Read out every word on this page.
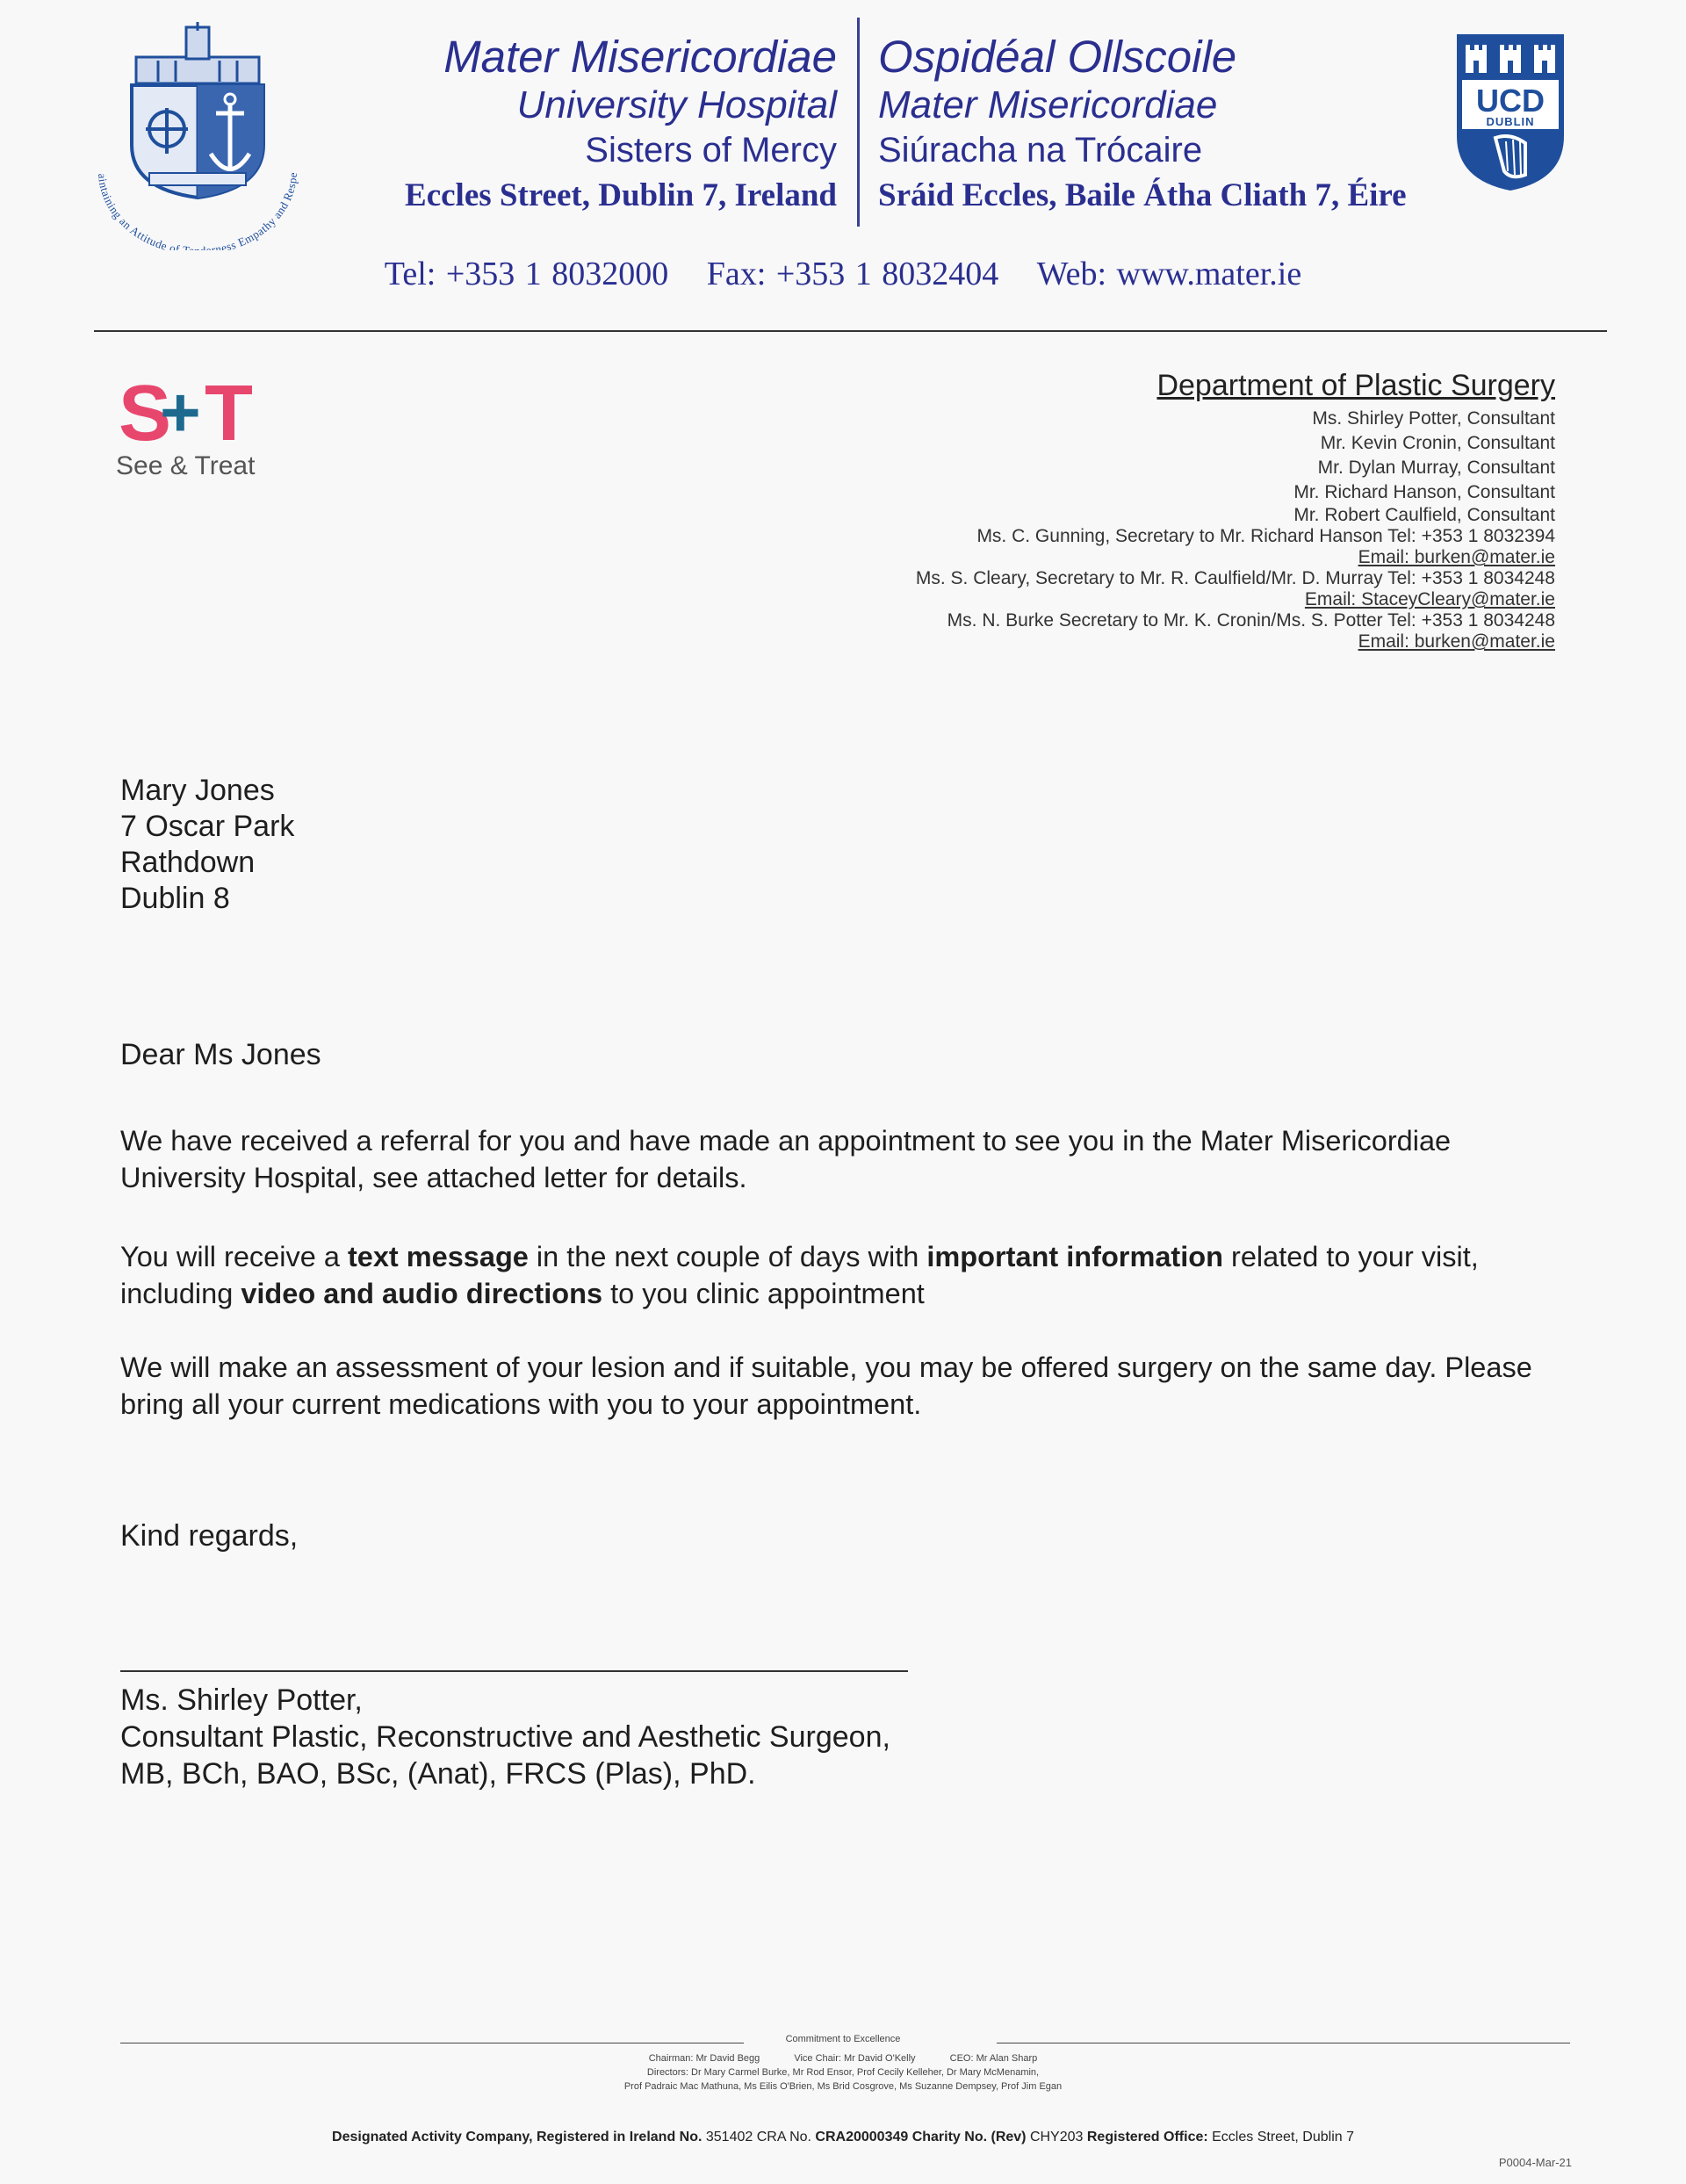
aintaining an Attitude of T erness Empathy and Respe
Mater Misericordiae
University Hospital
Sisters of Mercy
Eccles Street, Dublin 7, Ireland
Ospidéal Ollscoile
Mater Misericordiae
Siúracha na Trócaire
Sráid Eccles, Baile Átha Cliath 7, Éire
UCD
DUBLIN
Tel: +353 1 8032000 Fax: +353 1 8032404 Web: www.mater.ie
S
+ T
See & Treat
Department of Plastic Surgery
Ms. Shirley Potter, Consultant
Mr. Kevin Cronin, Consultant
Mr. Dylan Murray, Consultant
Mr. Richard Hanson, Consultant
Mr. Robert Caulfield, Consultant
Ms. C. Gunning, Secretary to Mr. Richard Hanson Tel: +353 1 8032394
Email: burken@mater.ie
Ms. S. Cleary, Secretary to Mr. R. Caulfield/Mr. D. Murray Tel: +353 1 8034248
Email: StaceyCleary@mater.ie
Ms. N. Burke Secretary to Mr. K. Cronin/Ms. S. Potter Tel: +353 1 8034248
Email: burken@mater.ie
Mary Jones
7 Oscar Park
Rathdown
Dublin 8
Dear Ms Jones
We have received a referral for you and have made an appointment to see you in the Mater Misericordiae University Hospital, see attached letter for details.
You will receive a text message in the next couple of days with important information related to your visit, including video and audio directions to you clinic appointment
We will make an assessment of your lesion and if suitable, you may be offered surgery on the same day. Please bring all your current medications with you to your appointment.
Kind regards,
Ms. Shirley Potter,
Consultant Plastic, Reconstructive and Aesthetic Surgeon,
MB, BCh, BAO, BSc, (Anat), FRCS (Plas), PhD.
Commitment to Excellence
Chairman: Mr David Begg	Vice Chair: Mr David O'Kelly	CEO: Mr Alan Sharp
Directors: Dr Mary Carmel Burke, Mr Rod Ensor, Prof Cecily Kelleher, Dr Mary McMenamin,
Prof Padraic Mac Mathuna, Ms Eilis O'Brien, Ms Brid Cosgrove, Ms Suzanne Dempsey, Prof Jim Egan
Designated Activity Company, Registered in Ireland No. 351402 CRA No. CRA20000349 Charity No. (Rev) CHY203 Registered Office: Eccles Street, Dublin 7
P0004-Mar-21
